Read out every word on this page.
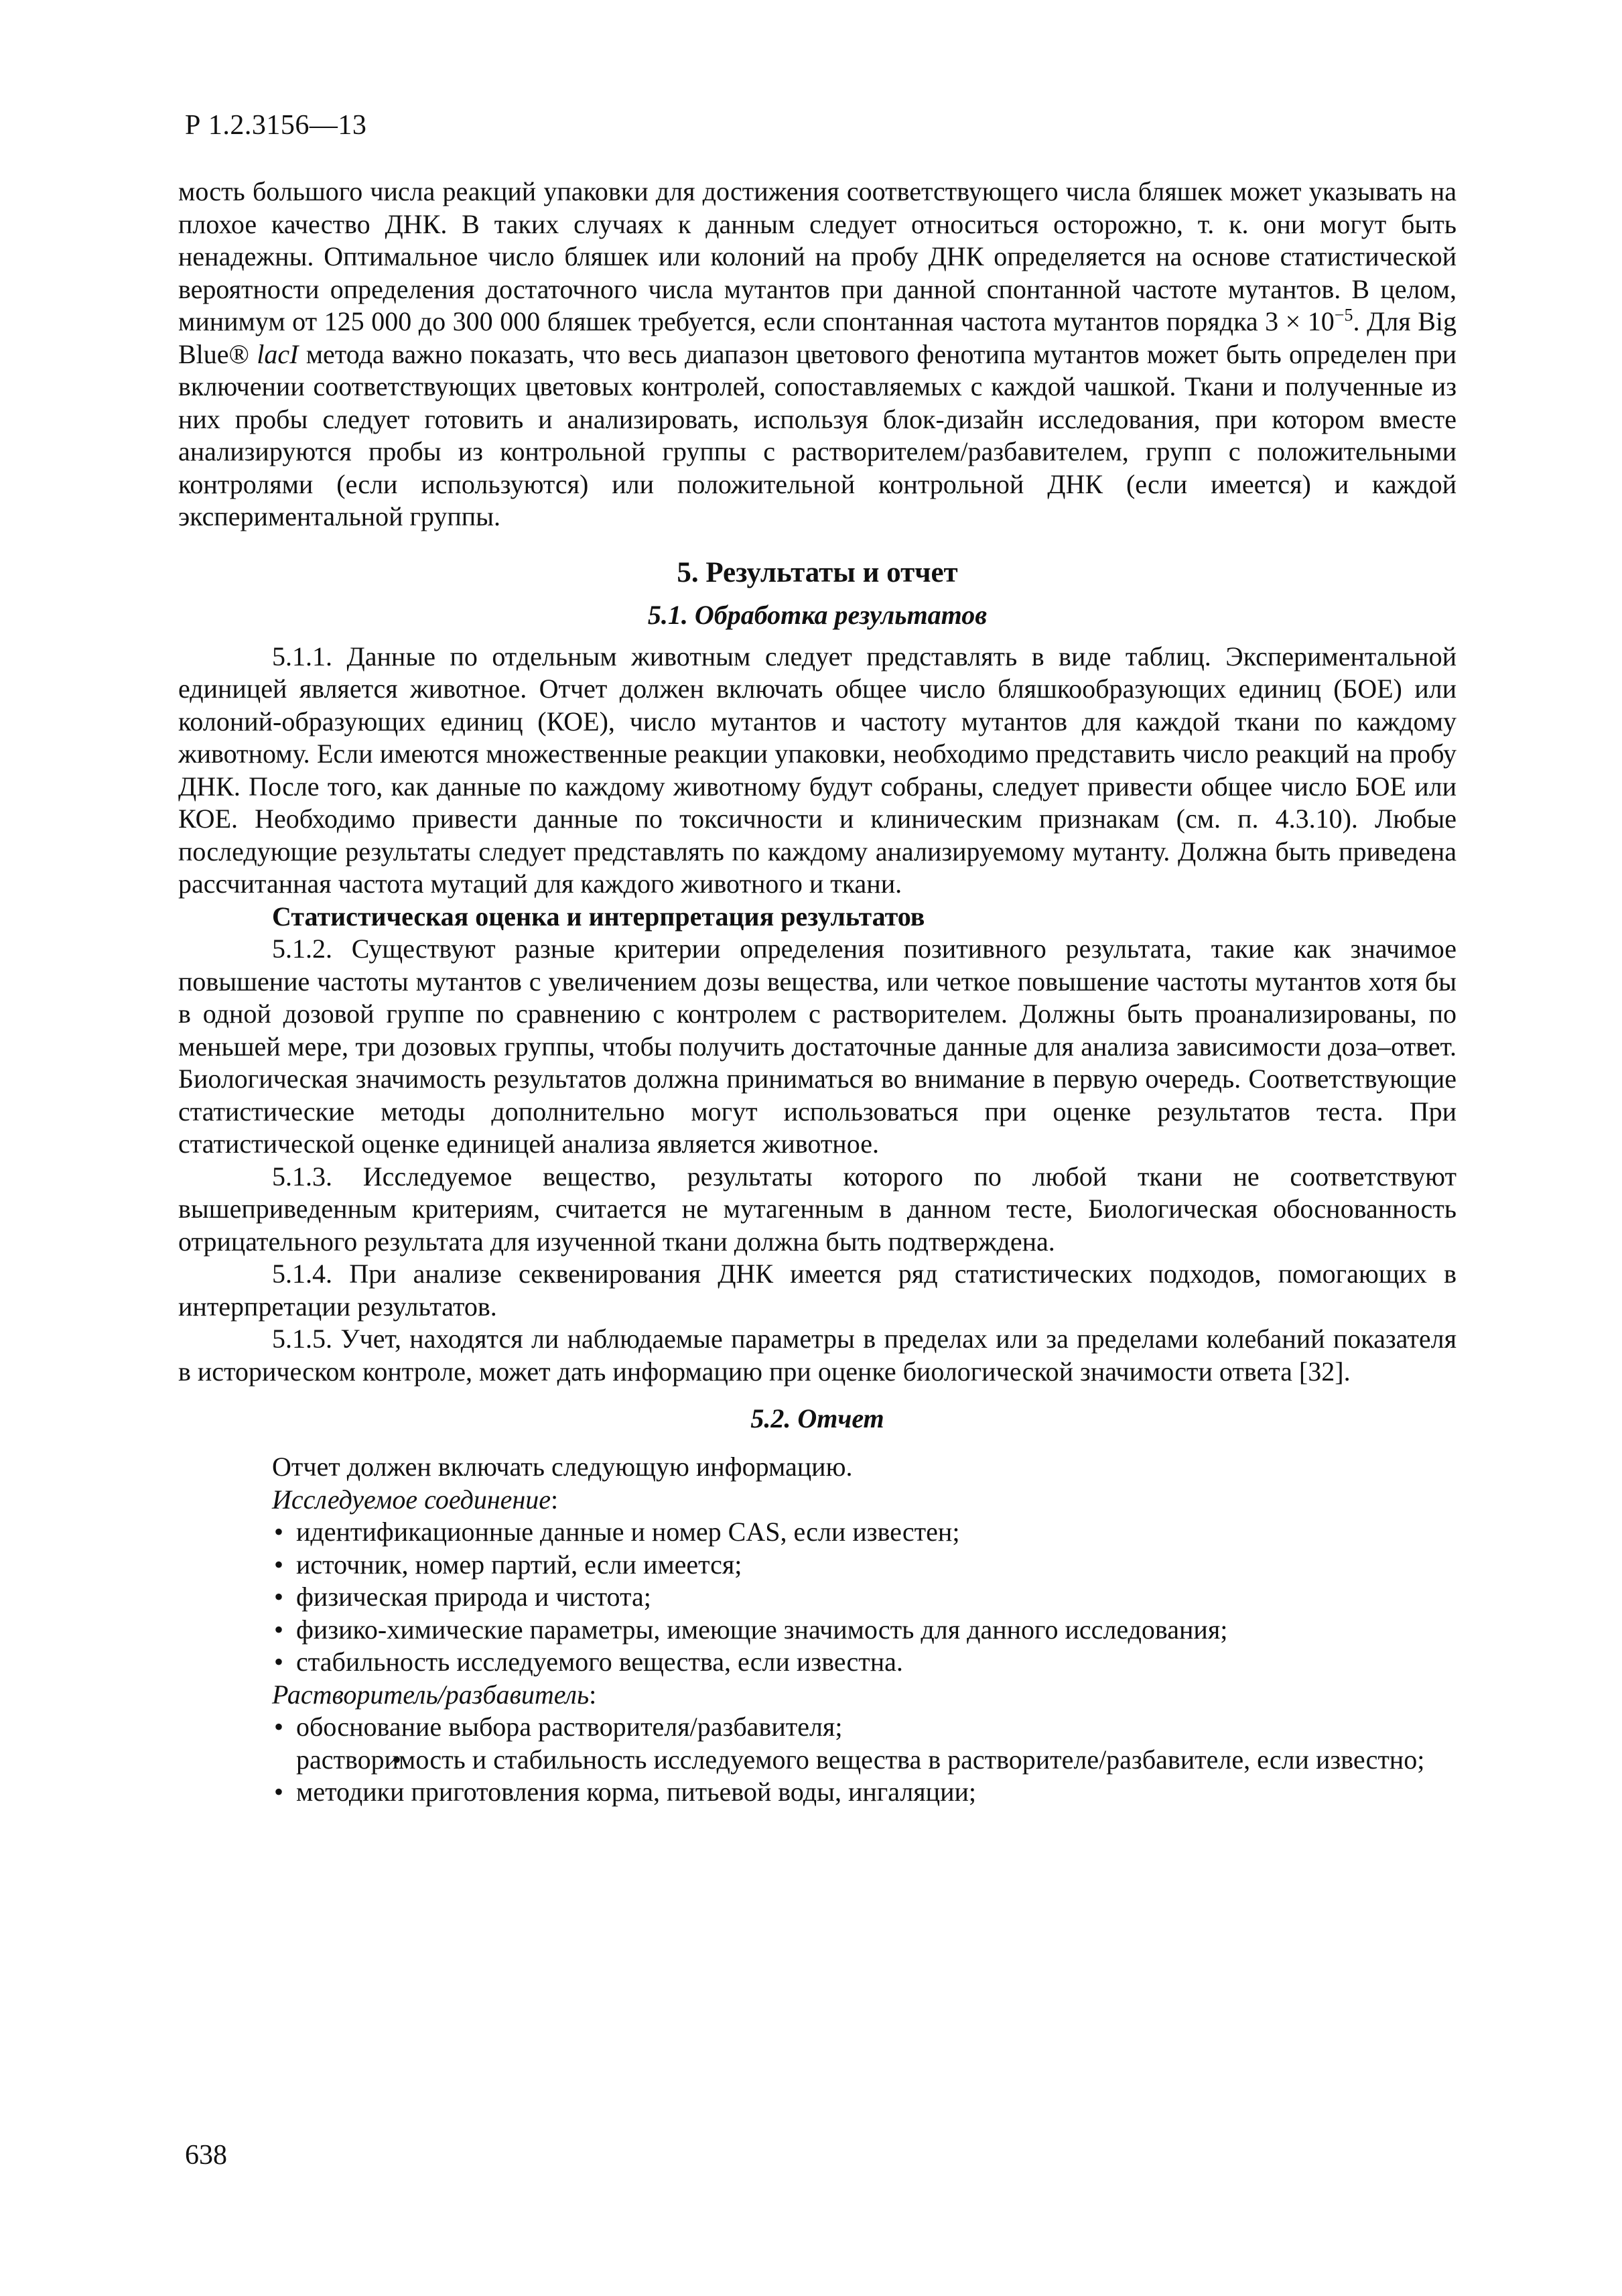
Р 1.2.3156—13

мость большого числа реакций упаковки для достижения соответствующего числа бляшек может указывать на плохое качество ДНК. В таких случаях к данным следует относиться осторожно, т. к. они могут быть ненадежны. Оптимальное число бляшек или колоний на пробу ДНК определяется на основе статистической вероятности определения достаточного числа мутантов при данной спонтанной частоте мутантов. В целом, минимум от 125 000 до 300 000 бляшек требуется, если спонтанная частота мутантов порядка $3 \times 10^{-5}$. Для Big Blue® lacI метода важно показать, что весь диапазон цветового фенотипа мутантов может быть определен при включении соответствующих цветовых контролей, сопоставляемых с каждой чашкой. Ткани и полученные из них пробы следует готовить и анализировать, используя блок-дизайн исследования, при котором вместе анализируются пробы из контрольной группы с растворителем/разбавителем, групп с положительными контролями (если используются) или положительной контрольной ДНК (если имеется) и каждой экспериментальной группы.

5. Результаты и отчет
5.1. Обработка результатов

5.1.1. Данные по отдельным животным следует представлять в виде таблиц. Экспериментальной единицей является животное. Отчет должен включать общее число бляшкообразующих единиц (БОЕ) или колоний-образующих единиц (КОЕ), число мутантов и частоту мутантов для каждой ткани по каждому животному. Если имеются множественные реакции упаковки, необходимо представить число реакций на пробу ДНК. После того, как данные по каждому животному будут собраны, следует привести общее число БОЕ или КОЕ. Необходимо привести данные по токсичности и клиническим признакам (см. п. 4.3.10). Любые последующие результаты следует представлять по каждому анализируемому мутанту. Должна быть приведена рассчитанная частота мутаций для каждого животного и ткани.

Статистическая оценка и интерпретация результатов

5.1.2. Существуют разные критерии определения позитивного результата, такие как значимое повышение частоты мутантов с увеличением дозы вещества, или четкое повышение частоты мутантов хотя бы в одной дозовой группе по сравнению с контролем с растворителем. Должны быть проанализированы, по меньшей мере, три дозовых группы, чтобы получить достаточные данные для анализа зависимости доза–ответ. Биологическая значимость результатов должна приниматься во внимание в первую очередь. Соответствующие статистические методы дополнительно могут использоваться при оценке результатов теста. При статистической оценке единицей анализа является животное.

5.1.3. Исследуемое вещество, результаты которого по любой ткани не соответствуют вышеприведенным критериям, считается не мутагенным в данном тесте, Биологическая обоснованность отрицательного результата для изученной ткани должна быть подтверждена.

5.1.4. При анализе секвенирования ДНК имеется ряд статистических подходов, помогающих в интерпретации результатов.

5.1.5. Учет, находятся ли наблюдаемые параметры в пределах или за пределами колебаний показателя в историческом контроле, может дать информацию при оценке биологической значимости ответа [32].

5.2. Отчет
Отчет должен включать следующую информацию.
Исследуемое соединение:
• идентификационные данные и номер CAS, если известен;
• источник, номер партий, если имеется;
• физическая природа и чистота;
• физико-химические параметры, имеющие значимость для данного исследования;
• стабильность исследуемого вещества, если известна.
Растворитель/разбавитель:
• обоснование выбора растворителя/разбавителя;
• растворимость и стабильность исследуемого вещества в растворителе/разбавителе, если известно;
• методики приготовления корма, питьевой воды, ингаляции;
638
